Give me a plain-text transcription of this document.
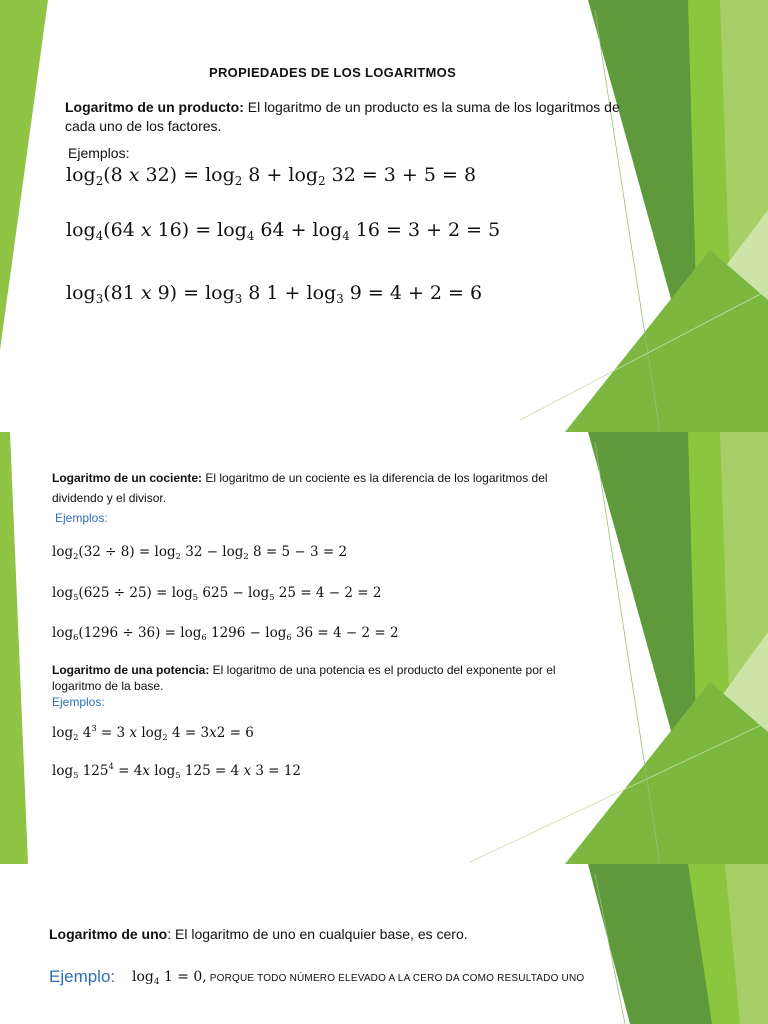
PROPIEDADES DE LOS LOGARITMOS
Logaritmo de un producto: El logaritmo de un producto es la suma de los logaritmos de cada uno de los factores.
Ejemplos:
$\log_2(8$ 𝑥 $32) = \log_2 8 + \log_2 32 = 3 + 5 = 8$
$\log_4(64$ 𝑥 $16) = \log_4 64 + \log_4 16 = 3 + 2 = 5$
$\log_3(81$ 𝑥 $9) = \log_3 8$ $1 + \log_3 9 = 4 + 2 = 6$
Logaritmo de un cociente: El logaritmo de un cociente es la diferencia de los logaritmos del dividendo y el divisor.
Ejemplos:
$\log_2(32 \div 8) = \log_2 32 - \log_2 8 = 5 - 3 = 2$
$\log_5(625 \div 25) = \log_5 625 - \log_5 25 = 4 - 2 = 2$
$\log_6(1296 \div 36) = \log_6 1296 - \log_6 36 = 4 - 2 = 2$
Logaritmo de una potencia: El logaritmo de una potencia es el producto del exponente por el logaritmo de la base.
Ejemplos:
$\log_2 4^3 = 3$ 𝑥 $\log_2 4$ = 3𝑥2 = 6
$\log_5 125^4$ = 4𝑥 $\log_5 125 = 4$ 𝑥 3 = 12
Logaritmo de uno: El logaritmo de uno en cualquier base, es cero.
Ejemplo: $\log_4 1 = 0$, PORQUE TODO NÚMERO ELEVADO A LA CERO DA COMO RESULTADO UNO
